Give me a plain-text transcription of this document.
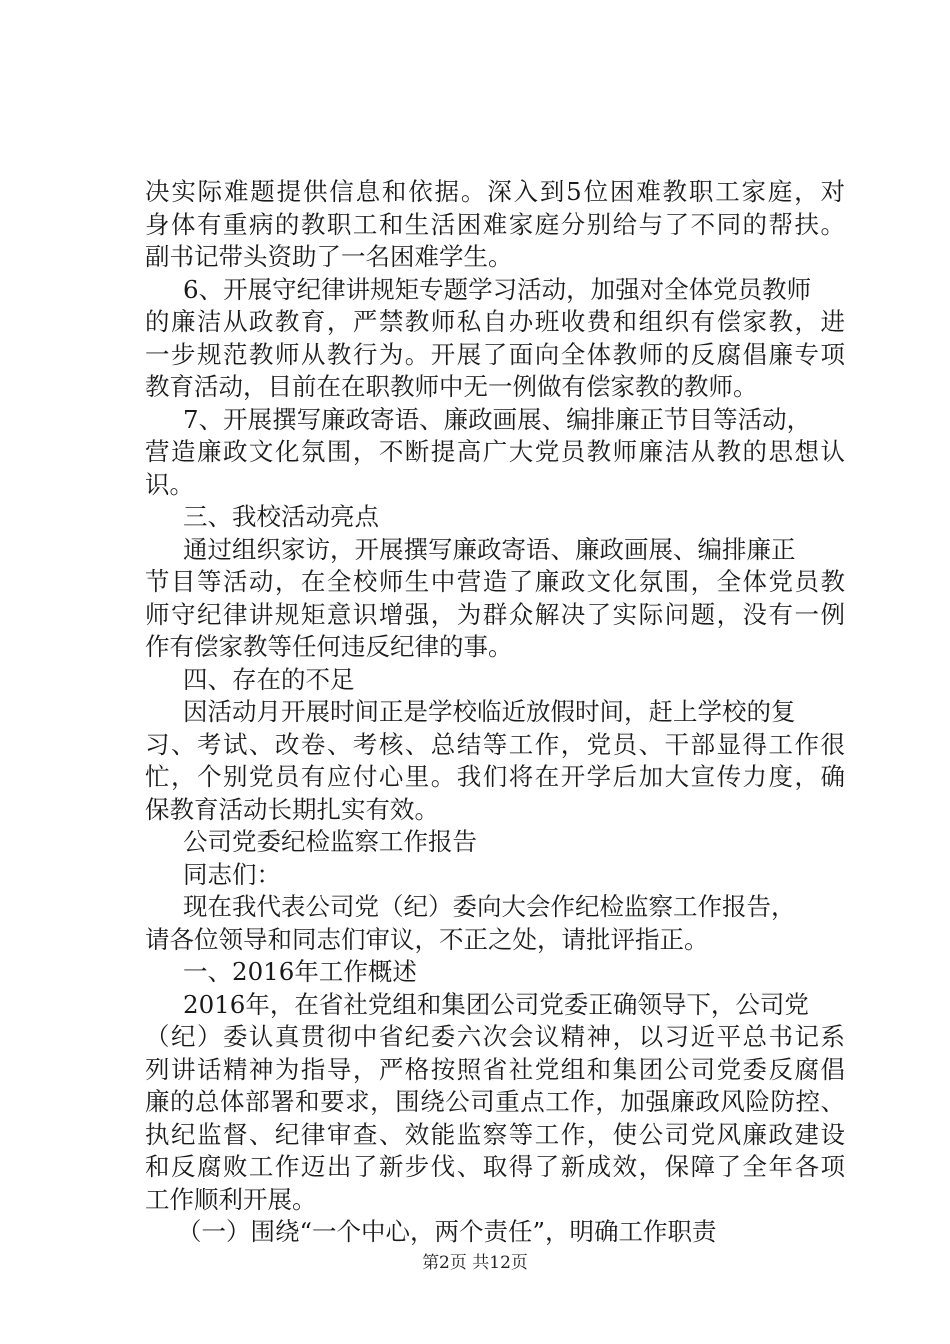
决实际难题提供信息和依据。深入到5位困难教职工家庭，对
身体有重病的教职工和生活困难家庭分别给与了不同的帮扶。
副书记带头资助了一名困难学生。
6、开展守纪律讲规矩专题学习活动，加强对全体党员教师
的廉洁从政教育，严禁教师私自办班收费和组织有偿家教，进
一步规范教师从教行为。开展了面向全体教师的反腐倡廉专项
教育活动，目前在在职教师中无一例做有偿家教的教师。
7、开展撰写廉政寄语、廉政画展、编排廉正节目等活动，
营造廉政文化氛围，不断提高广大党员教师廉洁从教的思想认
识。
三、我校活动亮点
通过组织家访，开展撰写廉政寄语、廉政画展、编排廉正
节目等活动，在全校师生中营造了廉政文化氛围，全体党员教
师守纪律讲规矩意识增强，为群众解决了实际问题，没有一例
作有偿家教等任何违反纪律的事。
四、存在的不足
因活动月开展时间正是学校临近放假时间，赶上学校的复
习、考试、改卷、考核、总结等工作，党员、干部显得工作很
忙，个别党员有应付心里。我们将在开学后加大宣传力度，确
保教育活动长期扎实有效。
公司党委纪检监察工作报告
同志们：
现在我代表公司党（纪）委向大会作纪检监察工作报告，
请各位领导和同志们审议，不正之处，请批评指正。
一、2016年工作概述
2016年，在省社党组和集团公司党委正确领导下，公司党
（纪）委认真贯彻中省纪委六次会议精神，以习近平总书记系
列讲话精神为指导，严格按照省社党组和集团公司党委反腐倡
廉的总体部署和要求，围绕公司重点工作，加强廉政风险防控、
执纪监督、纪律审查、效能监察等工作，使公司党风廉政建设
和反腐败工作迈出了新步伐、取得了新成效，保障了全年各项
工作顺利开展。
（一）围绕“一个中心，两个责任”，明确工作职责
第2页 共12页
